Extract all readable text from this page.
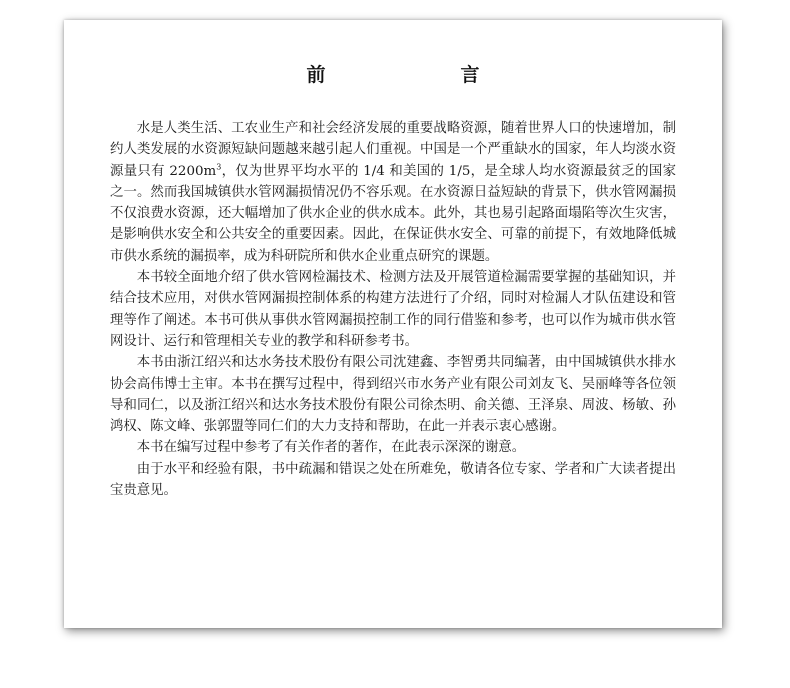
前　言

水是人类生活、工农业生产和社会经济发展的重要战略资源，随着世界人口的快速增加，制约人类发展的水资源短缺问题越来越引起人们重视。中国是一个严重缺水的国家，年人均淡水资源量只有 $2200m^3$，仅为世界平均水平的 1/4 和美国的 1/5，是全球人均水资源最贫乏的国家之一。然而我国城镇供水管网漏损情况仍不容乐观。在水资源日益短缺的背景下，供水管网漏损不仅浪费水资源，还大幅增加了供水企业的供水成本。此外，其也易引起路面塌陷等次生灾害，是影响供水安全和公共安全的重要因素。因此，在保证供水安全、可靠的前提下，有效地降低城市供水系统的漏损率，成为科研院所和供水企业重点研究的课题。

本书较全面地介绍了供水管网检漏技术、检测方法及开展管道检漏需要掌握的基础知识，并结合技术应用，对供水管网漏损控制体系的构建方法进行了介绍，同时对检漏人才队伍建设和管理等作了阐述。本书可供从事供水管网漏损控制工作的同行借鉴和参考，也可以作为城市供水管网设计、运行和管理相关专业的教学和科研参考书。

本书由浙江绍兴和达水务技术股份有限公司沈建鑫、李智勇共同编著，由中国城镇供水排水协会高伟博士主审。本书在撰写过程中，得到绍兴市水务产业有限公司刘友飞、吴丽峰等各位领导和同仁，以及浙江绍兴和达水务技术股份有限公司徐杰明、俞关德、王泽泉、周波、杨敏、孙鸿权、陈文峰、张郭盟等同仁们的大力支持和帮助，在此一并表示衷心感谢。

本书在编写过程中参考了有关作者的著作，在此表示深深的谢意。

由于水平和经验有限，书中疏漏和错误之处在所难免，敬请各位专家、学者和广大读者提出宝贵意见。
